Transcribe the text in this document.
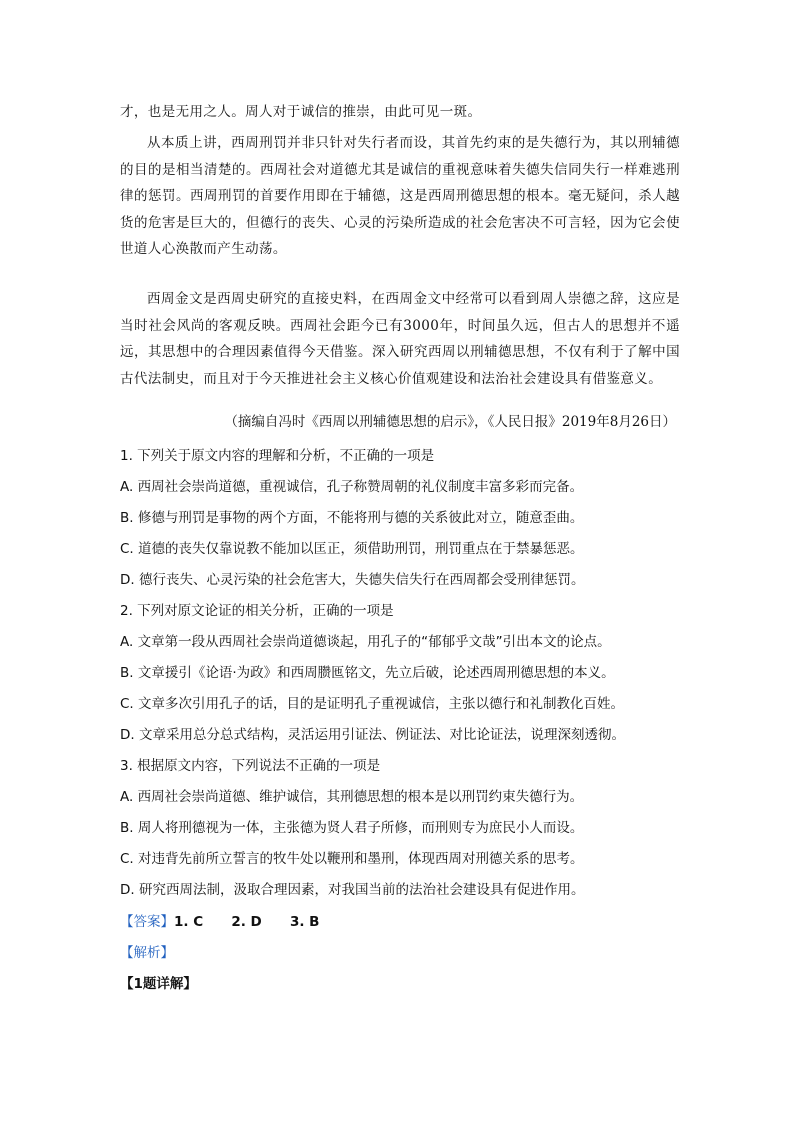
才，也是无用之人。周人对于诚信的推崇，由此可见一斑。

从本质上讲，西周刑罚并非只针对失行者而设，其首先约束的是失德行为，其以刑辅德的目的是相当清楚的。西周社会对道德尤其是诚信的重视意味着失德失信同失行一样难逃刑律的惩罚。西周刑罚的首要作用即在于辅德，这是西周刑德思想的根本。毫无疑问，杀人越货的危害是巨大的，但德行的丧失、心灵的污染所造成的社会危害决不可言轻，因为它会使世道人心涣散而产生动荡。

西周金文是西周史研究的直接史料，在西周金文中经常可以看到周人崇德之辞，这应是当时社会风尚的客观反映。西周社会距今已有3000年，时间虽久远，但古人的思想并不遥远，其思想中的合理因素值得今天借鉴。深入研究西周以刑辅德思想，不仅有利于了解中国古代法制史，而且对于今天推进社会主义核心价值观建设和法治社会建设具有借鉴意义。

（摘编自冯时《西周以刑辅德思想的启示》，《人民日报》2019年8月26日）

1. 下列关于原文内容的理解和分析，不正确的一项是

A. 西周社会崇尚道德，重视诚信，孔子称赞周朝的礼仪制度丰富多彩而完备。

B. 修德与刑罚是事物的两个方面，不能将刑与德的关系彼此对立，随意歪曲。

C. 道德的丧失仅靠说教不能加以匡正，须借助刑罚，刑罚重点在于禁暴惩恶。

D. 德行丧失、心灵污染的社会危害大，失德失信失行在西周都会受刑律惩罚。

2. 下列对原文论证的相关分析，正确的一项是

A. 文章第一段从西周社会崇尚道德谈起，用孔子的“郁郁乎文哉”引出本文的论点。

B. 文章援引《论语·为政》和西周臜匜铭文，先立后破，论述西周刑德思想的本义。

C. 文章多次引用孔子的话，目的是证明孔子重视诚信，主张以德行和礼制教化百姓。

D. 文章采用总分总式结构，灵活运用引证法、例证法、对比论证法，说理深刻透彻。

3. 根据原文内容，下列说法不正确的一项是

A. 西周社会崇尚道德、维护诚信，其刑德思想的根本是以刑罚约束失德行为。

B. 周人将刑德视为一体，主张德为贤人君子所修，而刑则专为庶民小人而设。

C. 对违背先前所立誓言的牧牛处以鞭刑和墨刑，体现西周对刑德关系的思考。

D. 研究西周法制，汲取合理因素，对我国当前的法治社会建设具有促进作用。

【答案】1. C      2. D      3. B

【解析】

【1题详解】
